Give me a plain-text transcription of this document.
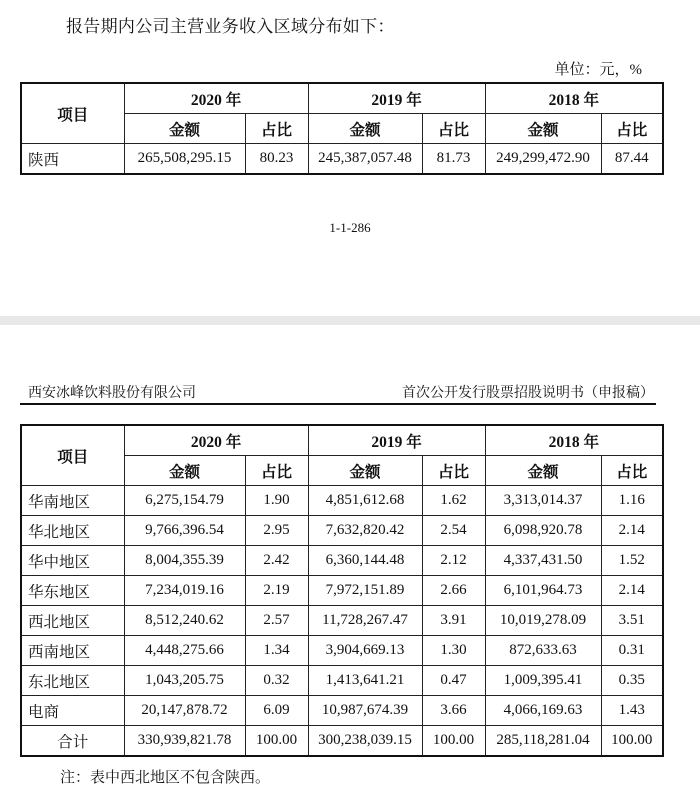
报告期内公司主营业务收入区域分布如下：
单位：元，%
项目	2020 年		2019 年		2018 年	
	金额	占比	金额	占比	金额	占比
陕西	265,508,295.15	80.23	245,387,057.48	81.73	249,299,472.90	87.44
1-1-286
西安冰峰饮料股份有限公司	首次公开发行股票招股说明书（申报稿）
项目	2020 年		2019 年		2018 年	
	金额	占比	金额	占比	金额	占比
华南地区	6,275,154.79	1.90	4,851,612.68	1.62	3,313,014.37	1.16
华北地区	9,766,396.54	2.95	7,632,820.42	2.54	6,098,920.78	2.14
华中地区	8,004,355.39	2.42	6,360,144.48	2.12	4,337,431.50	1.52
华东地区	7,234,019.16	2.19	7,972,151.89	2.66	6,101,964.73	2.14
西北地区	8,512,240.62	2.57	11,728,267.47	3.91	10,019,278.09	3.51
西南地区	4,448,275.66	1.34	3,904,669.13	1.30	872,633.63	0.31
东北地区	1,043,205.75	0.32	1,413,641.21	0.47	1,009,395.41	0.35
电商	20,147,878.72	6.09	10,987,674.39	3.66	4,066,169.63	1.43
合计	330,939,821.78	100.00	300,238,039.15	100.00	285,118,281.04	100.00
注：表中西北地区不包含陕西。
